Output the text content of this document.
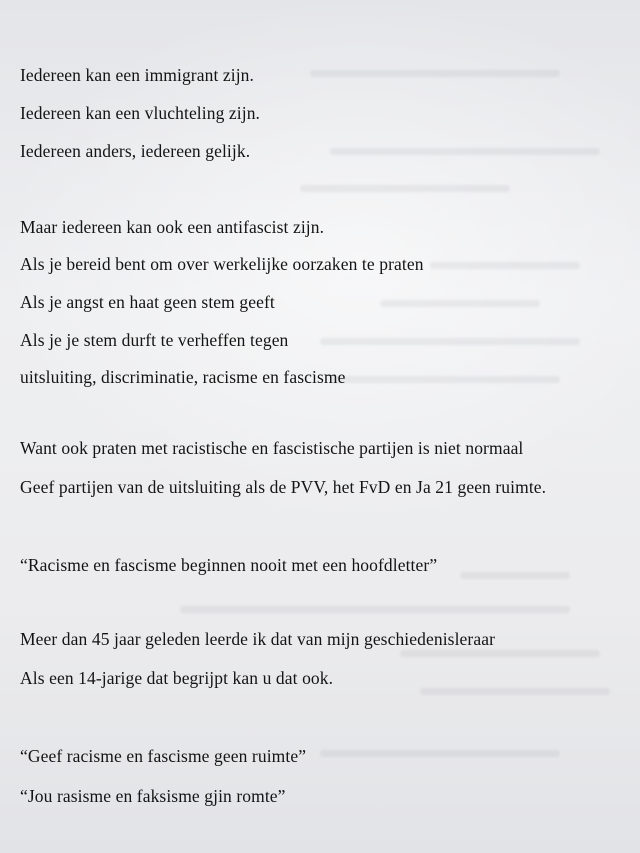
Iedereen kan een immigrant zijn.

Iedereen kan een vluchteling zijn.

Iedereen anders, iedereen gelijk.

Maar iedereen kan ook een antifascist zijn.

Als je bereid bent om over werkelijke oorzaken te praten

Als je angst en haat geen stem geeft

Als je je stem durft te verheffen tegen

uitsluiting, discriminatie, racisme en fascisme

Want ook praten met racistische en fascistische partijen is niet normaal

Geef partijen van de uitsluiting als de PVV, het FvD en Ja 21 geen ruimte.

“Racisme en fascisme beginnen nooit met een hoofdletter”

Meer dan 45 jaar geleden leerde ik dat van mijn geschiedenisleraar

Als een 14-jarige dat begrijpt kan u dat ook.

“Geef racisme en fascisme geen ruimte”

“Jou rasisme en faksisme gjin romte”
